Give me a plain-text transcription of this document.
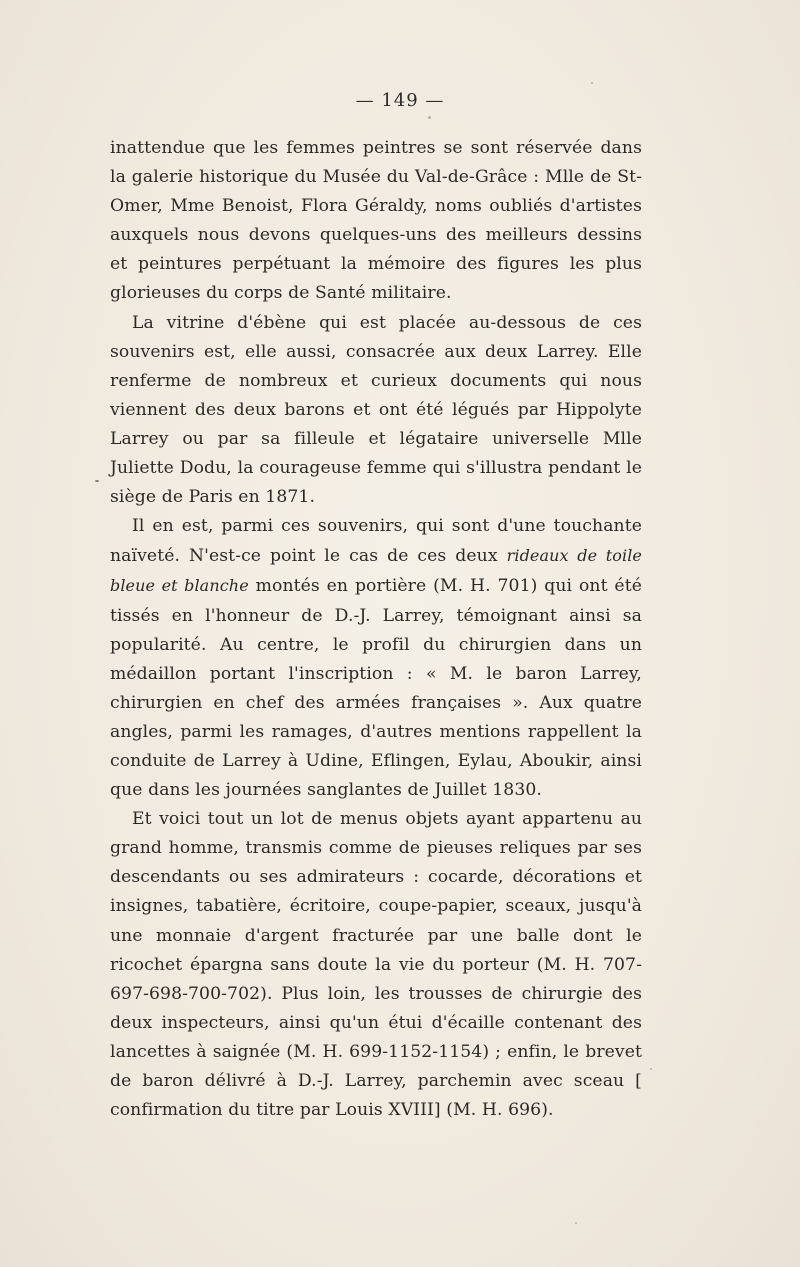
— 149 —

inattendue que les femmes peintres se sont réservée dans la galerie historique du Musée du Val-de-Grâce : Mlle de St-Omer, Mme Benoist, Flora Géraldy, noms oubliés d'artistes auxquels nous devons quelques-uns des meilleurs dessins et peintures perpétuant la mémoire des figures les plus glorieuses du corps de Santé militaire.

La vitrine d'ébène qui est placée au-dessous de ces souvenirs est, elle aussi, consacrée aux deux Larrey. Elle renferme de nombreux et curieux documents qui nous viennent des deux barons et ont été légués par Hippolyte Larrey ou par sa filleule et légataire universelle Mlle Juliette Dodu, la courageuse femme qui s'illustra pendant le siège de Paris en 1871.

Il en est, parmi ces souvenirs, qui sont d'une touchante naïveté. N'est-ce point le cas de ces deux rideaux de toile bleue et blanche montés en portière (M. H. 701) qui ont été tissés en l'honneur de D.-J. Larrey, témoignant ainsi sa popularité. Au centre, le profil du chirurgien dans un médaillon portant l'inscription : « M. le baron Larrey, chirurgien en chef des armées françaises ». Aux quatre angles, parmi les ramages, d'autres mentions rappellent la conduite de Larrey à Udine, Eflingen, Eylau, Aboukir, ainsi que dans les journées sanglantes de Juillet 1830.

Et voici tout un lot de menus objets ayant appartenu au grand homme, transmis comme de pieuses reliques par ses descendants ou ses admirateurs : cocarde, décorations et insignes, tabatière, écritoire, coupe-papier, sceaux, jusqu'à une monnaie d'argent fracturée par une balle dont le ricochet épargna sans doute la vie du porteur (M. H. 707-697-698-700-702). Plus loin, les trousses de chirurgie des deux inspecteurs, ainsi qu'un étui d'écaille contenant des lancettes à saignée (M. H. 699-1152-1154) ; enfin, le brevet de baron délivré à D.-J. Larrey, parchemin avec sceau [ confirmation du titre par Louis XVIII] (M. H. 696).
